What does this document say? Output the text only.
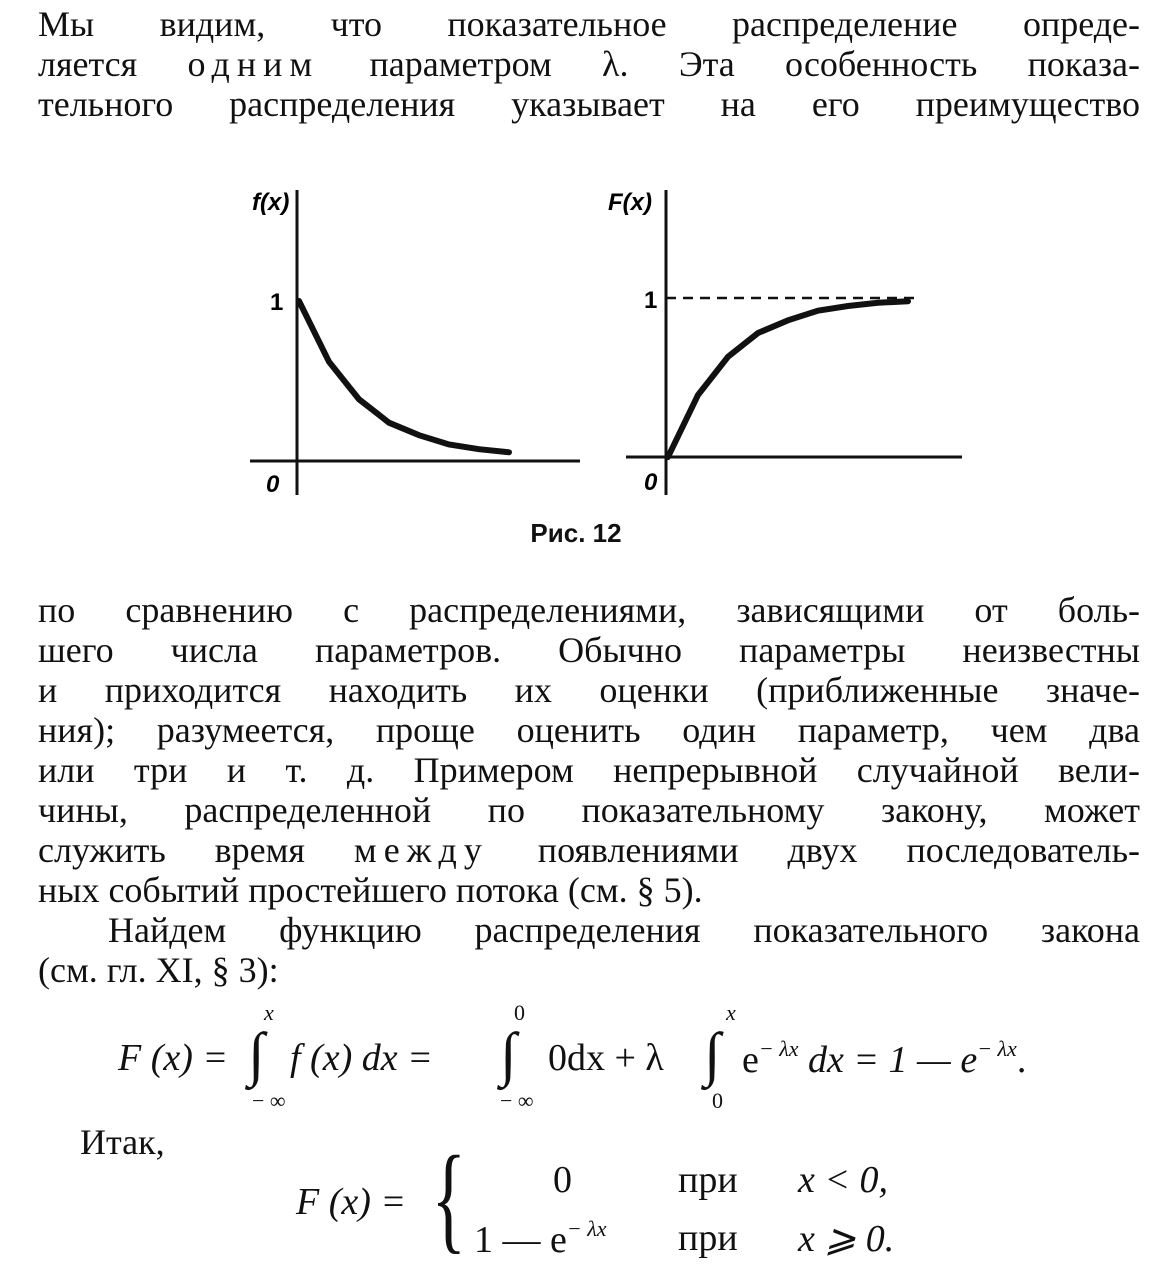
Мы видим, что показательное распределение опреде-
ляется одним параметром λ. Эта особенность показа-
тельного распределения указывает на его преимущество
f(x)
1
0
F(x)
1
0
Рис. 12
по сравнению с распределениями, зависящими от боль-
шего числа параметров. Обычно параметры неизвестны
и приходится находить их оценки (приближенные значе-
ния); разумеется, проще оценить один параметр, чем два
или три и т. д. Примером непрерывной случайной вели-
чины, распределенной по показательному закону, может
служить время между появлениями двух последователь-
ных событий простейшего потока (см. § 5).
Найдем функцию распределения показательного закона
(см. гл. XI, § 3):
F (x) = ∫
x
− ∞
f (x) dx = ∫
0
− ∞
0dx + λ ∫
x
0
$e^{- \lambda x}$ dx = 1 — $e^{- \lambda x}$.
Итак,
F (x) = {	0	при x < 0,
1 — $e^{- \lambda x}$ при x ⩾ 0.
